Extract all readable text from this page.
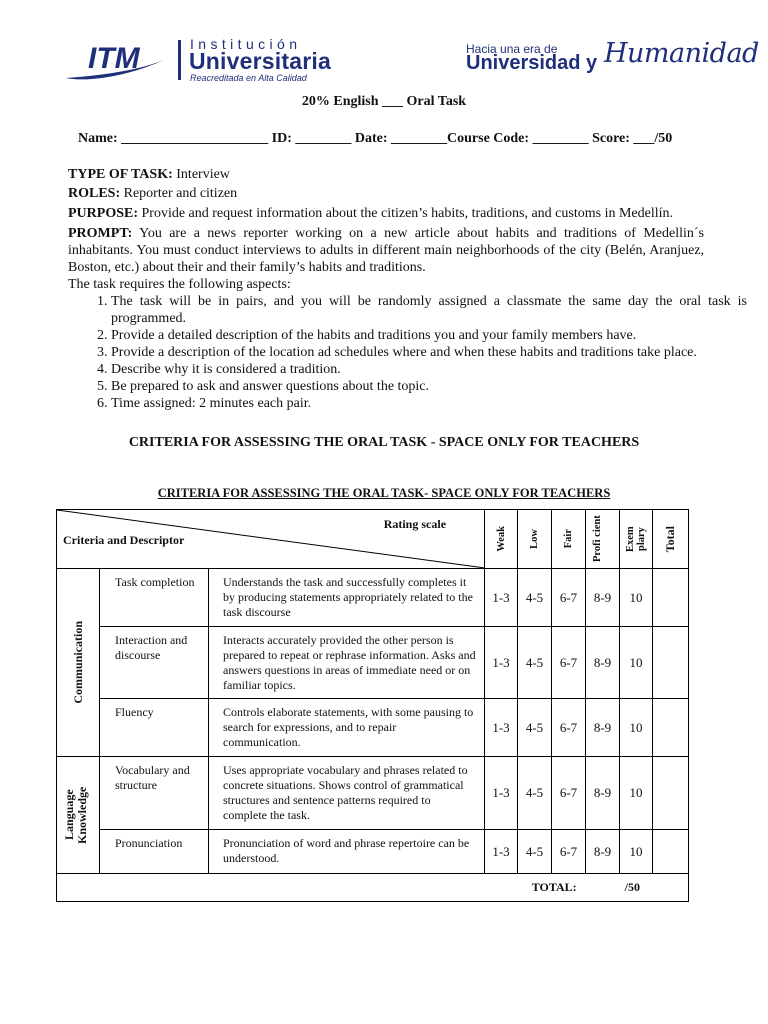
ITM	Institución
Universitaria
Reacreditada en Alta Calidad
Hacia una era de
Universidad y Humanidad
20% English ___ Oral Task
Name: _____________________ ID: ________ Date: ________Course Code: ________ Score: ___/50
TYPE OF TASK: Interview
ROLES: Reporter and citizen
PURPOSE: Provide and request information about the citizen’s habits, traditions, and customs in Medellín.
PROMPT: You are a news reporter working on a new article about habits and traditions of Medellin´s inhabitants. You must conduct interviews to adults in different main neighborhoods of the city (Belén, Aranjuez, Boston, etc.) about their and their family’s habits and traditions.
The task requires the following aspects:
1. The task will be in pairs, and you will be randomly assigned a classmate the same day the oral task is programmed.
2. Provide a detailed description of the habits and traditions you and your family members have.
3. Provide a description of the location ad schedules where and when these habits and traditions take place.
4. Describe why it is considered a tradition.
5. Be prepared to ask and answer questions about the topic.
6. Time assigned: 2 minutes each pair.
CRITERIA FOR ASSESSING THE ORAL TASK - SPACE ONLY FOR TEACHERS
CRITERIA FOR ASSESSING THE ORAL TASK- SPACE ONLY FOR TEACHERS
Rating scale
Criteria and Descriptor			Weak	Low	Fair	Profi cient	Exem plary	Total

Communication	Task completion	Understands the task and successfully completes it by producing statements appropriately related to the task discourse	1-3	4-5	6-7	8-9	10	
	Interaction and discourse	Interacts accurately provided the other person is prepared to repeat or rephrase information. Asks and answers questions in areas of immediate need or on familiar topics.	1-3	4-5	6-7	8-9	10	
	Fluency	Controls elaborate statements, with some pausing to search for expressions, and to repair communication.	1-3	4-5	6-7	8-9	10	

Language Knowledge	Vocabulary and structure	Uses appropriate vocabulary and phrases related to concrete situations. Shows control of grammatical structures and sentence patterns required to complete the task.	1-3	4-5	6-7	8-9	10	
	Pronunciation	Pronunciation of word and phrase repertoire can be understood.	1-3	4-5	6-7	8-9	10	
TOTAL: /50								
